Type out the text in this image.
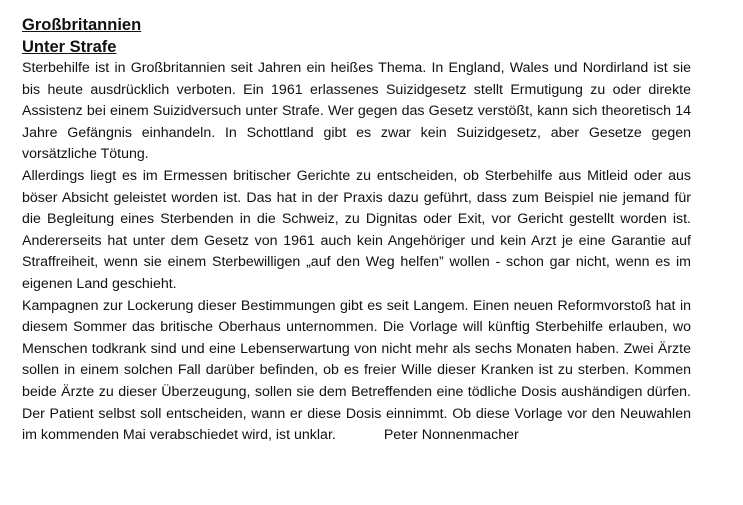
Großbritannien
Unter Strafe

Sterbehilfe ist in Großbritannien seit Jahren ein heißes Thema. In England, Wales und Nordirland ist sie bis heute ausdrücklich verboten. Ein 1961 erlassenes Suizidgesetz stellt Ermutigung zu oder direkte Assistenz bei einem Suizidversuch unter Strafe. Wer gegen das Gesetz verstößt, kann sich theoretisch 14 Jahre Gefängnis einhandeln. In Schottland gibt es zwar kein Suizidgesetz, aber Gesetze gegen vorsätzliche Tötung.

Allerdings liegt es im Ermessen britischer Gerichte zu entscheiden, ob Sterbehilfe aus Mitleid oder aus böser Absicht geleistet worden ist. Das hat in der Praxis dazu geführt, dass zum Beispiel nie jemand für die Begleitung eines Sterbenden in die Schweiz, zu Dignitas oder Exit, vor Gericht gestellt worden ist. Andererseits hat unter dem Gesetz von 1961 auch kein Angehöriger und kein Arzt je eine Garantie auf Straffreiheit, wenn sie einem Sterbewilligen „auf den Weg helfen” wollen - schon gar nicht, wenn es im eigenen Land geschieht.

Kampagnen zur Lockerung dieser Bestimmungen gibt es seit Langem. Einen neuen Reformvorstoß hat in diesem Sommer das britische Oberhaus unternommen. Die Vorlage will künftig Sterbehilfe erlauben, wo Menschen todkrank sind und eine Lebenserwartung von nicht mehr als sechs Monaten haben. Zwei Ärzte sollen in einem solchen Fall darüber befinden, ob es freier Wille dieser Kranken ist zu sterben. Kommen beide Ärzte zu dieser Überzeugung, sollen sie dem Betreffenden eine tödliche Dosis aushändigen dürfen. Der Patient selbst soll entscheiden, wann er diese Dosis einnimmt. Ob diese Vorlage vor den Neuwahlen im kommenden Mai verabschiedet wird, ist unklar.	Peter Nonnenmacher
